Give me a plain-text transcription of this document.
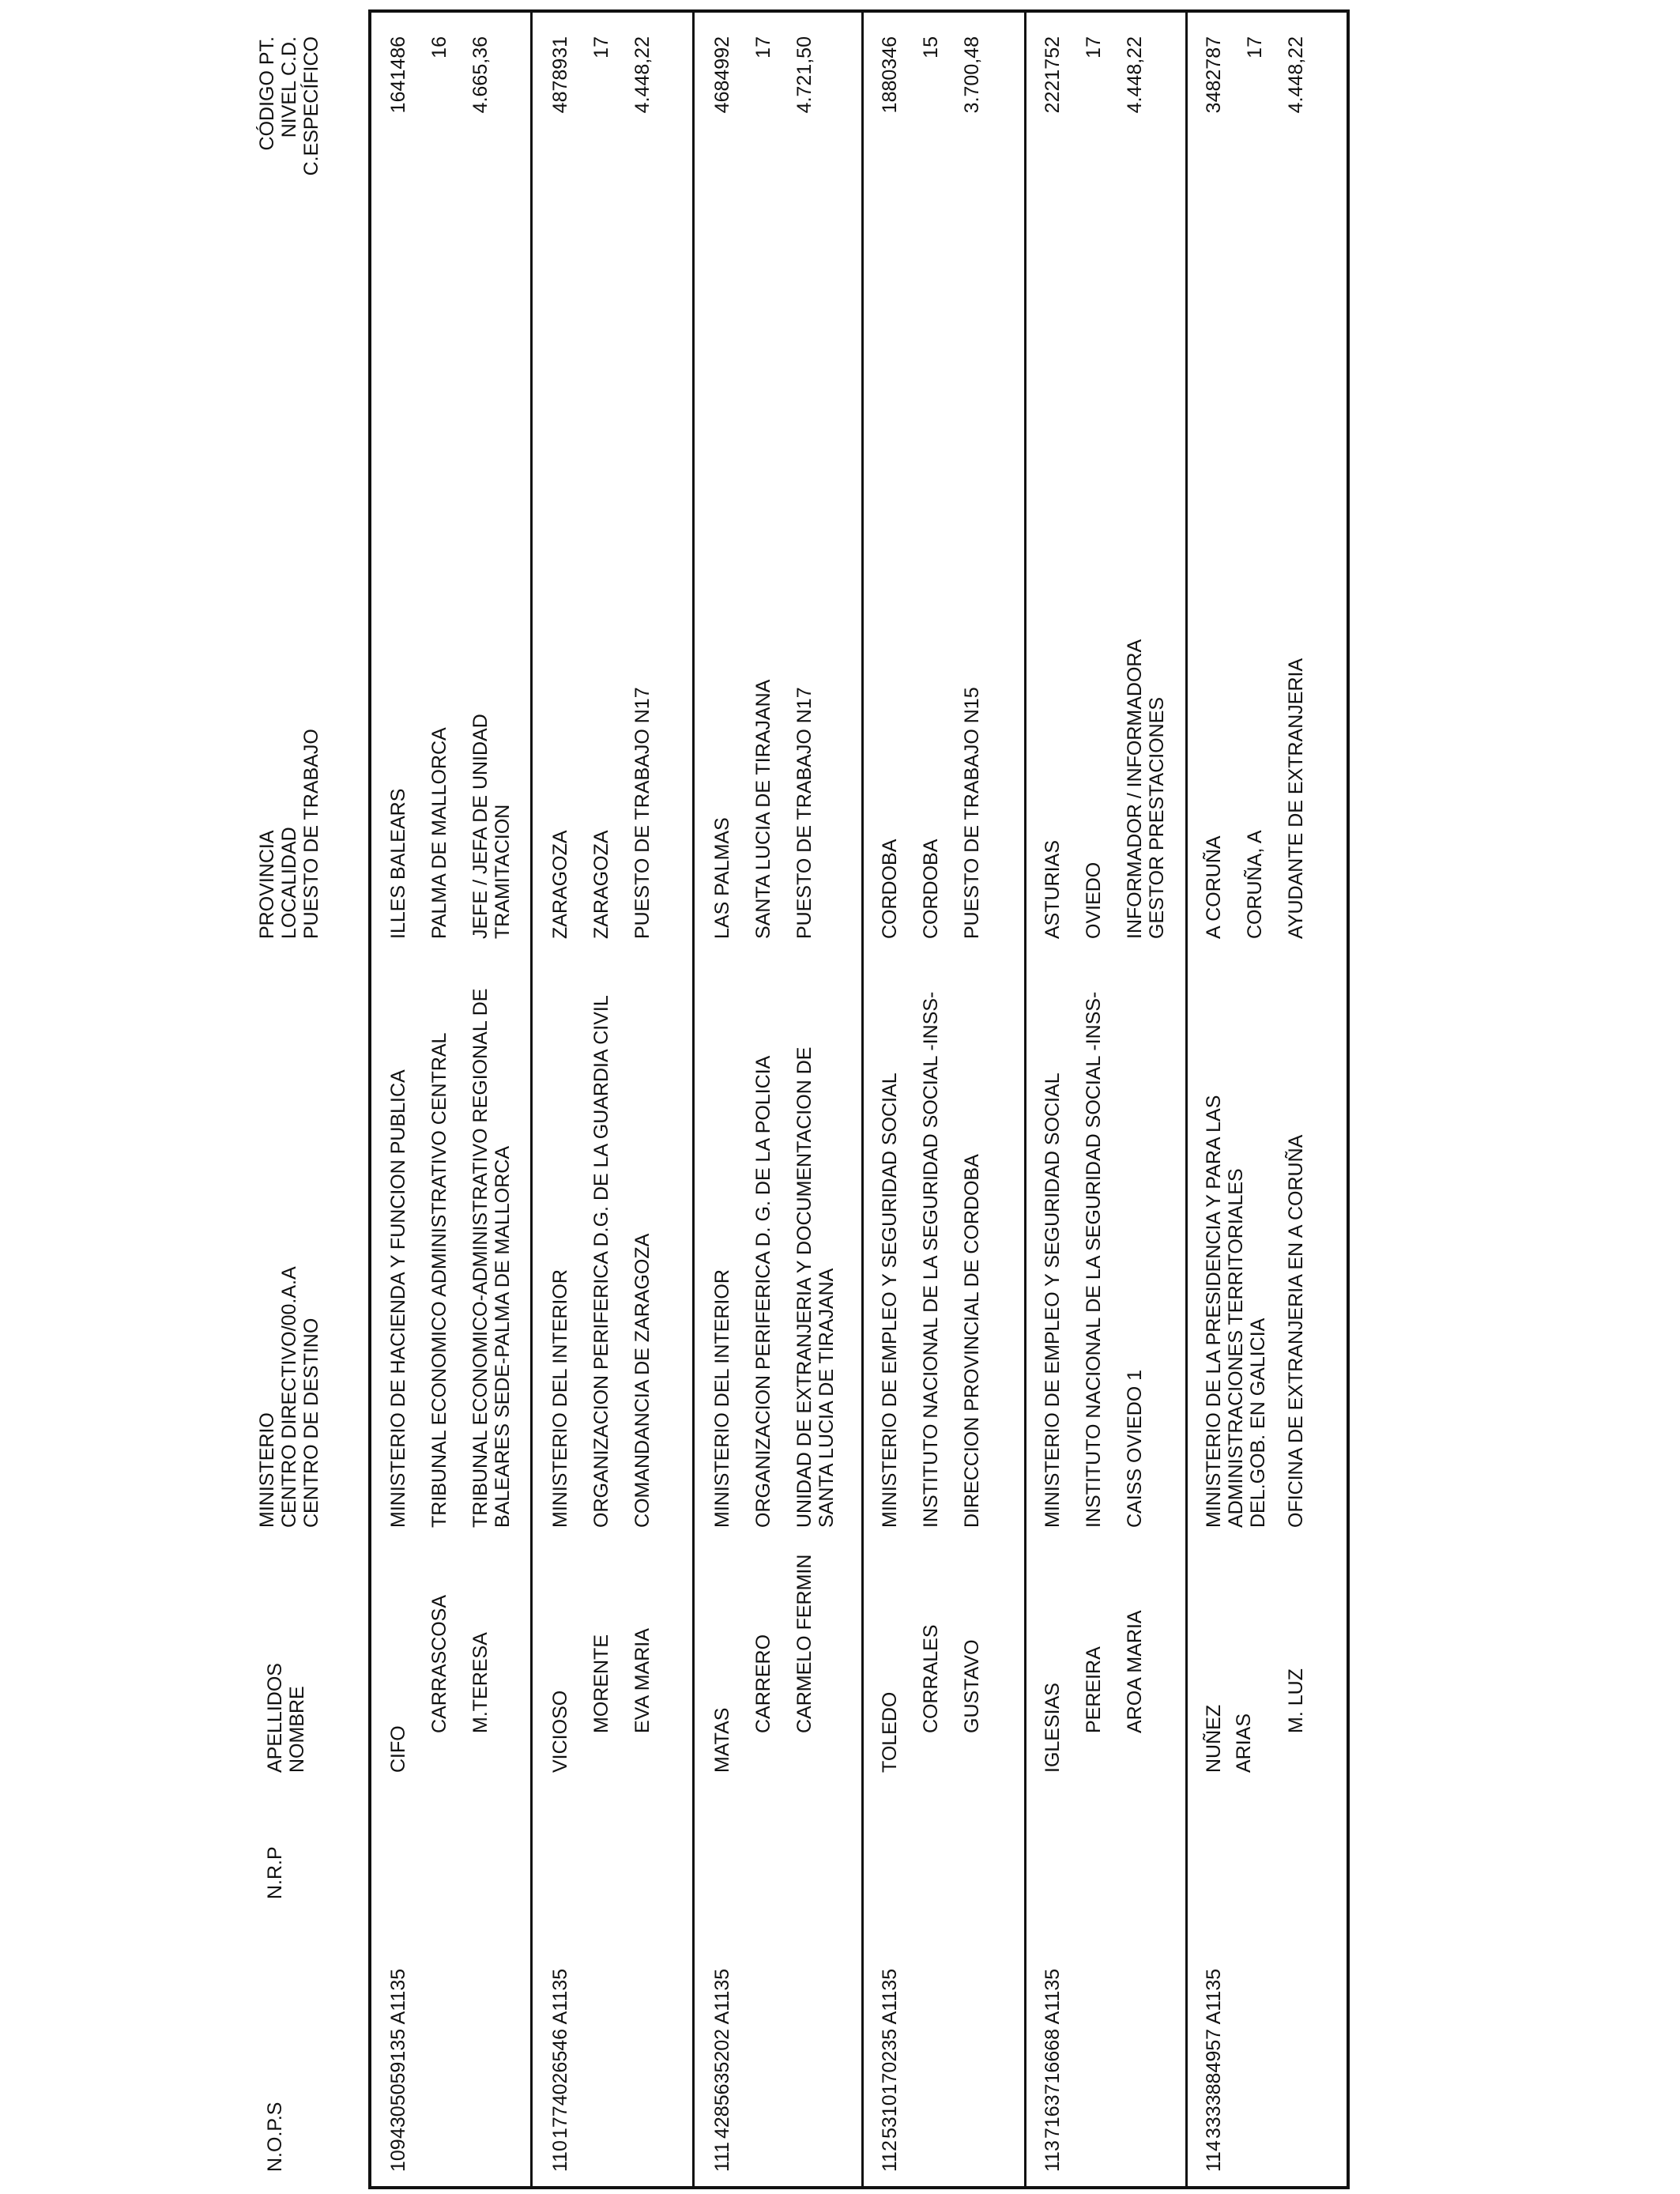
N.O.P.S
N.R.P
APELLIDOS NOMBRE
MINISTERIO CENTRO DIRECTIVO/00.A.A CENTRO DE DESTINO
PROVINCIA LOCALIDAD PUESTO DE TRABAJO
CÓDIGO PT. NIVEL C.D. C.ESPECÍFICO
109
4305059135 A1135
CIFO
CARRASCOSA M.TERESA
MINISTERIO DE HACIENDA Y FUNCION PUBLICA TRIBUNAL ECONOMICO ADMINISTRATIVO CENTRAL TRIBUNAL ECONOMICO-ADMINISTRATIVO REGIONAL DE BALEARES SEDE-PALMA DE MALLORCA
ILLES BALEARS PALMA DE MALLORCA JEFE / JEFA DE UNIDAD TRAMITACION
1641486 16 4.665,36
110
1774026546 A1135
VICIOSO MORENTE EVA MARIA
MINISTERIO DEL INTERIOR ORGANIZACION PERIFERICA D.G. DE LA GUARDIA CIVIL COMANDANCIA DE ZARAGOZA
ZARAGOZA ZARAGOZA PUESTO DE TRABAJO N17
4878931 17 4.448,22
111
4285635202 A1135
MATAS
CARRERO CARMELO FERMIN
MINISTERIO DEL INTERIOR ORGANIZACION PERIFERICA D. G. DE LA POLICIA UNIDAD DE EXTRANJERIA Y DOCUMENTACION DE SANTA LUCIA DE TIRAJANA
LAS PALMAS SANTA LUCIA DE TIRAJANA PUESTO DE TRABAJO N17
4684992 17 4.721,50
112
5310170235 A1135
TOLEDO CORRALES GUSTAVO
MINISTERIO DE EMPLEO Y SEGURIDAD SOCIAL INSTITUTO NACIONAL DE LA SEGURIDAD SOCIAL -INSS- DIRECCION PROVINCIAL DE CORDOBA
CORDOBA CORDOBA PUESTO DE TRABAJO N15
1880346 15 3.700,48
113
7163716668 A1135
IGLESIAS PEREIRA AROA MARIA
MINISTERIO DE EMPLEO Y SEGURIDAD SOCIAL INSTITUTO NACIONAL DE LA SEGURIDAD SOCIAL -INSS- CAISS OVIEDO 1
ASTURIAS OVIEDO INFORMADOR / INFORMADORA GESTOR PRESTACIONES
2221752 17 4.448,22
114
3333884957 A1135
NUÑEZ ARIAS
M. LUZ
MINISTERIO DE LA PRESIDENCIA Y PARA LAS ADMINISTRACIONES TERRITORIALES DEL.GOB. EN GALICIA OFICINA DE EXTRANJERIA EN A CORUÑA
A CORUÑA CORUÑA, A AYUDANTE DE EXTRANJERIA
3482787 17 4.448,22
